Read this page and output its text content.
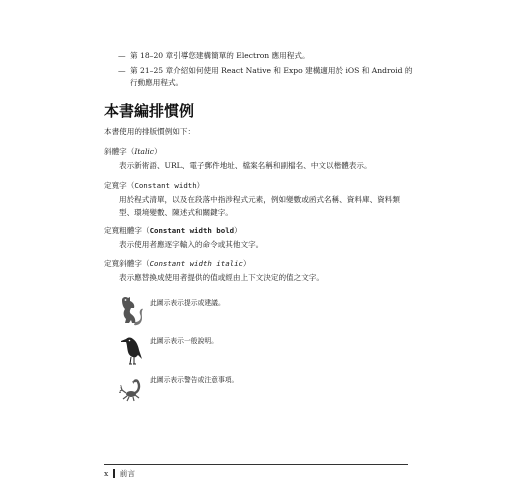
— 第 18–20 章引導您建構簡單的 Electron 應用程式。
— 第 21–25 章介紹如何使用 React Native 和 Expo 建構適用於 iOS 和 Android 的行動應用程式。
本書編排慣例
本書使用的排版慣例如下：
斜體字（Italic）
表示新術語、URL、電子郵件地址、檔案名稱和副檔名、中文以楷體表示。
定寬字（Constant width）
用於程式清單，以及在段落中指涉程式元素，例如變數或函式名稱、資料庫、資料類型、環境變數、陳述式和關鍵字。
定寬粗體字（Constant width bold）
表示使用者應逐字輸入的命令或其他文字。
定寬斜體字（Constant width italic）
表示應替換成使用者提供的值或經由上下文決定的值之文字。
此圖示表示提示或建議。
此圖示表示一般說明。
此圖示表示警告或注意事項。
x 前言
